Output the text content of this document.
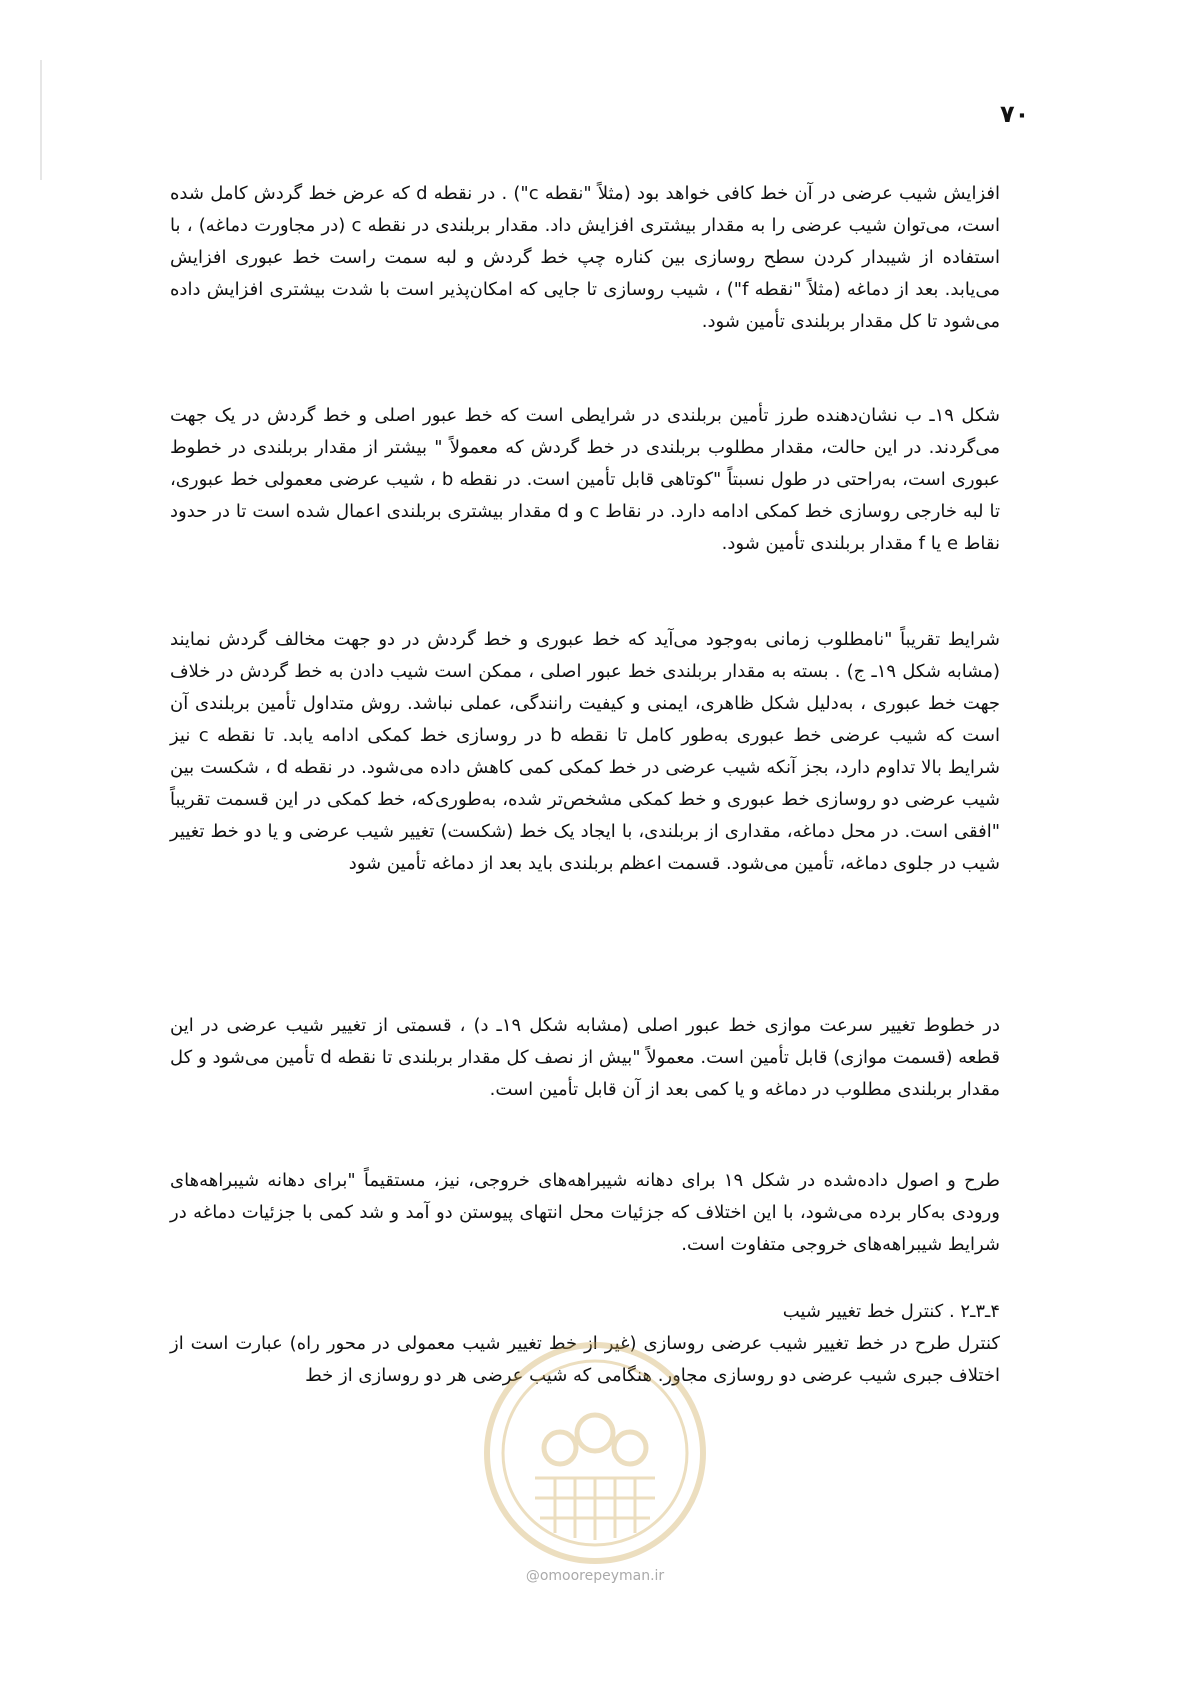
۷۰

افزایش شیب عرضی در آن خط کافی خواهد بود (مثلاً "نقطه c") . در نقطه d که عرض خط گردش کامل شده است، می‌توان شیب عرضی را به مقدار بیشتری افزایش داد. مقدار بربلندی در نقطه c (در مجاورت دماغه) ، با استفاده از شیبدار کردن سطح روسازی بین کناره چپ خط گردش و لبه سمت راست خط عبوری افزایش می‌یابد. بعد از دماغه (مثلاً "نقطه f") ، شیب روسازی تا جایی که امکان‌پذیر است با شدت بیشتری افزایش داده می‌شود تا کل مقدار بربلندی تأمین شود.

شکل ۱۹ـ ب نشان‌دهنده طرز تأمین بربلندی در شرایطی است که خط عبور اصلی و خط گردش در یک جهت می‌گردند. در این حالت، مقدار مطلوب بربلندی در خط گردش که معمولاً " بیشتر از مقدار بربلندی در خطوط عبوری است، به‌راحتی در طول نسبتاً "کوتاهی قابل تأمین است. در نقطه b ، شیب عرضی معمولی خط عبوری، تا لبه خارجی روسازی خط کمکی ادامه دارد. در نقاط c و d مقدار بیشتری بربلندی اعمال شده است تا در حدود نقاط e یا f مقدار بربلندی تأمین شود.

شرایط تقریباً "نامطلوب زمانی به‌وجود می‌آید که خط عبوری و خط گردش در دو جهت مخالف گردش نمایند (مشابه شکل ۱۹ـ ج) . بسته به مقدار بربلندی خط عبور اصلی ، ممکن است شیب دادن به خط گردش در خلاف جهت خط عبوری ، به‌دلیل شکل ظاهری، ایمنی و کیفیت رانندگی، عملی نباشد. روش متداول تأمین بربلندی آن است که شیب عرضی خط عبوری به‌طور کامل تا نقطه b در روسازی خط کمکی ادامه یابد. تا نقطه c نیز شرایط بالا تداوم دارد، بجز آنکه شیب عرضی در خط کمکی کمی کاهش داده می‌شود. در نقطه d ، شکست بین شیب عرضی دو روسازی خط عبوری و خط کمکی مشخص‌تر شده، به‌طوری‌که، خط کمکی در این قسمت تقریباً "افقی است. در محل دماغه، مقداری از بربلندی، با ایجاد یک خط (شکست) تغییر شیب عرضی و یا دو خط تغییر شیب در جلوی دماغه، تأمین می‌شود. قسمت اعظم بربلندی باید بعد از دماغه تأمین شود

در خطوط تغییر سرعت موازی خط عبور اصلی (مشابه شکل ۱۹ـ د) ، قسمتی از تغییر شیب عرضی در این قطعه (قسمت موازی) قابل تأمین است. معمولاً "بیش از نصف کل مقدار بربلندی تا نقطه d تأمین می‌شود و کل مقدار بربلندی مطلوب در دماغه و یا کمی بعد از آن قابل تأمین است.

طرح و اصول داده‌شده در شکل ۱۹ برای دهانه شیبراهه‌های خروجی، نیز، مستقیماً "برای دهانه شیبراهه‌های ورودی به‌کار برده می‌شود، با این اختلاف که جزئیات محل انتهای پیوستن دو آمد و شد کمی با جزئیات دماغه در شرایط شیبراهه‌های خروجی متفاوت است.

۴ـ۳ـ۲ . کنترل خط تغییر شیب

کنترل طرح در خط تغییر شیب عرضی روسازی (غیر از خط تغییر شیب معمولی در محور راه) عبارت است از اختلاف جبری شیب عرضی دو روسازی مجاور. هنگامی که شیب عرضی هر دو روسازی از خط

@omoorepeyman.ir
